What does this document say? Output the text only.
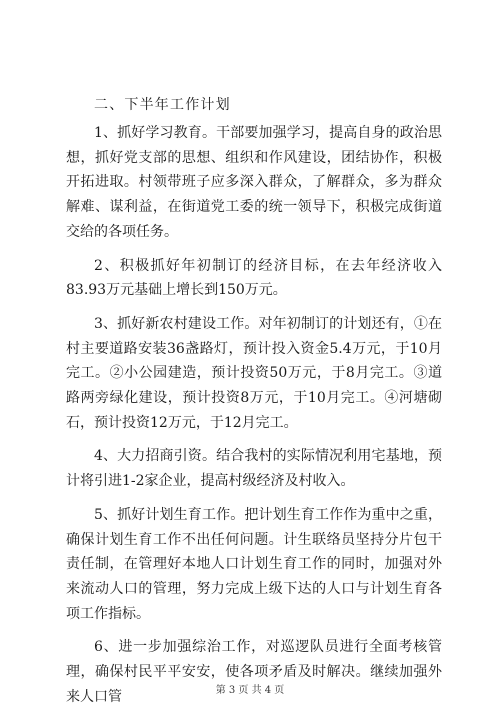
二、下半年工作计划

1、抓好学习教育。干部要加强学习，提高自身的政治思想，抓好党支部的思想、组织和作风建设，团结协作，积极开拓进取。村领带班子应多深入群众，了解群众，多为群众解难、谋利益，在街道党工委的统一领导下，积极完成街道交给的各项任务。

2、积极抓好年初制订的经济目标，在去年经济收入83.93万元基础上增长到150万元。

3、抓好新农村建设工作。对年初制订的计划还有，①在村主要道路安装36盏路灯，预计投入资金5.4万元，于10月完工。②小公园建造，预计投资50万元，于8月完工。③道路两旁绿化建设，预计投资8万元，于10月完工。④河塘砌石，预计投资12万元，于12月完工。

4、大力招商引资。结合我村的实际情况利用宅基地，预计将引进1-2家企业，提高村级经济及村收入。

5、抓好计划生育工作。把计划生育工作作为重中之重，确保计划生育工作不出任何问题。计生联络员坚持分片包干责任制，在管理好本地人口计划生育工作的同时，加强对外来流动人口的管理，努力完成上级下达的人口与计划生育各项工作指标。

6、进一步加强综治工作，对巡逻队员进行全面考核管理，确保村民平平安安，使各项矛盾及时解决。继续加强外来人口管	第 3 页 共 4 页
